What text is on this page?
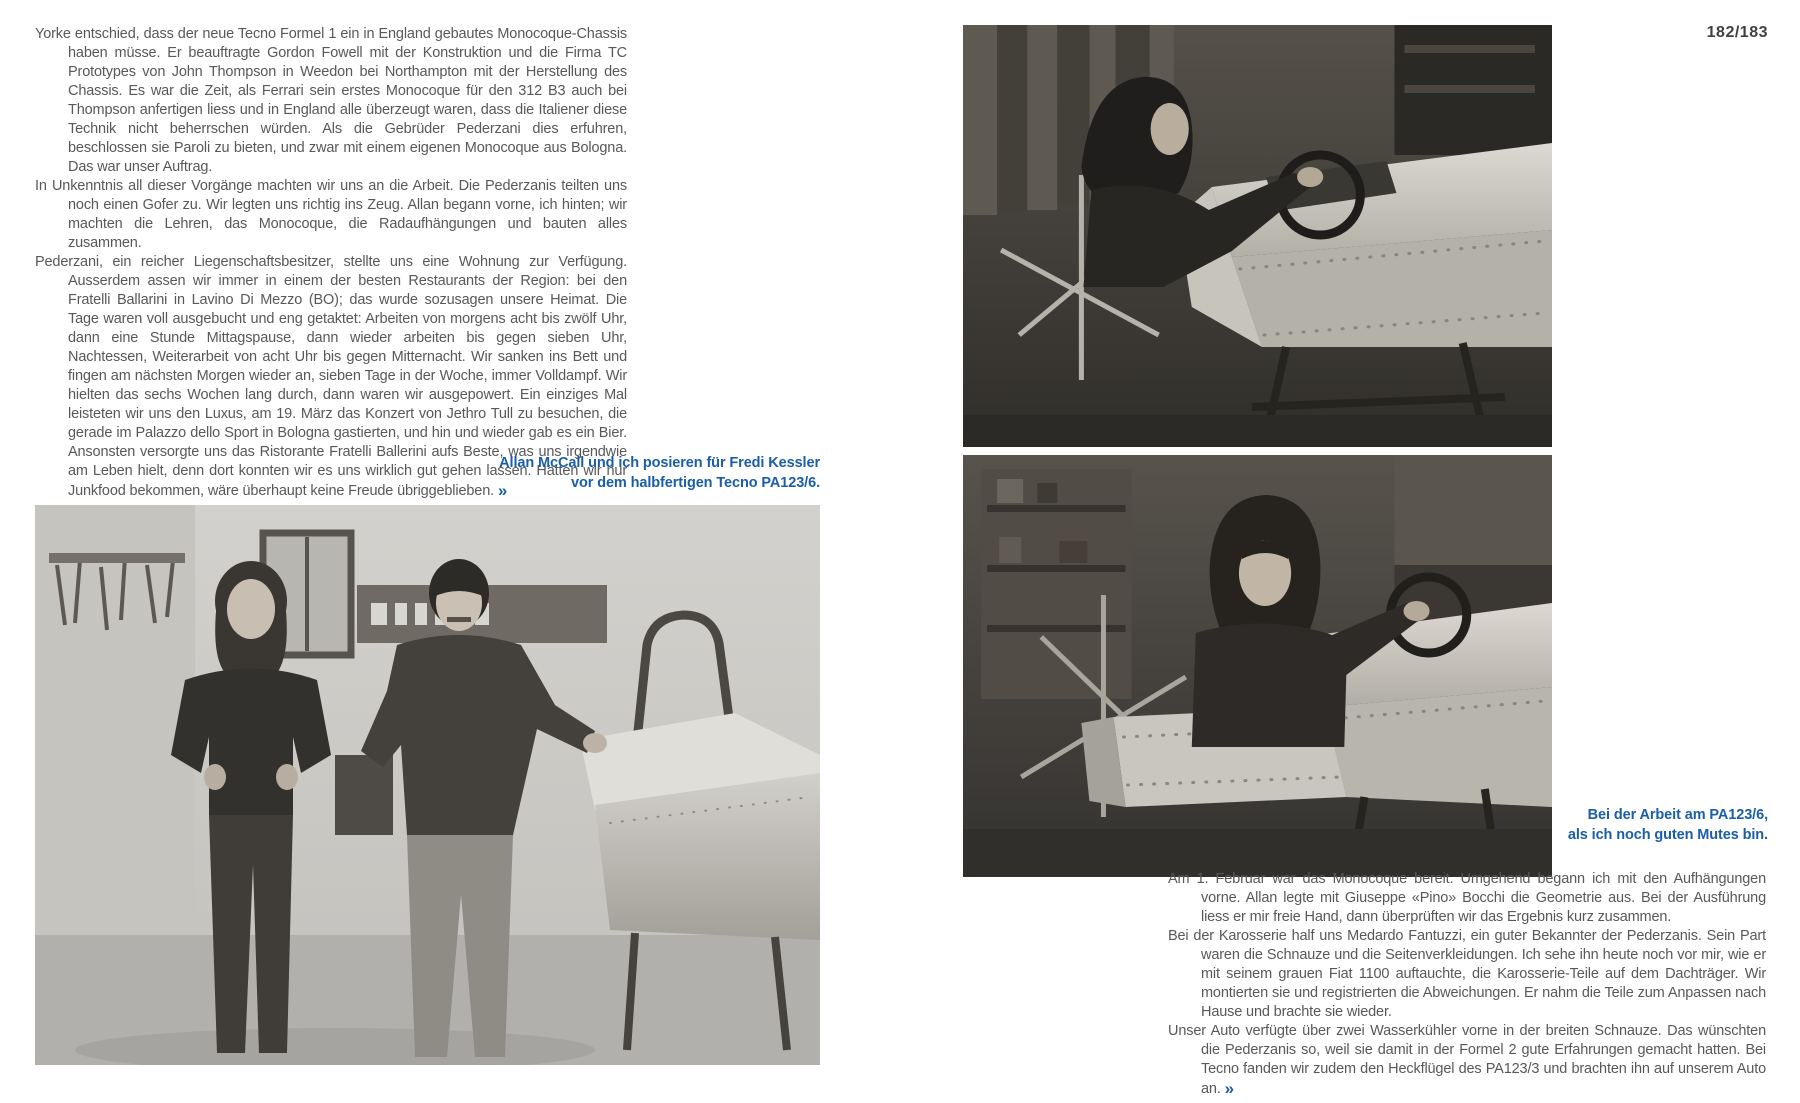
Yorke entschied, dass der neue Tecno Formel 1 ein in England gebautes Monocoque-Chassis haben müsse. Er beauftragte Gordon Fowell mit der Konstruktion und die Firma TC Prototypes von John Thompson in Weedon bei Northampton mit der Herstellung des Chassis. Es war die Zeit, als Ferrari sein erstes Monocoque für den 312 B3 auch bei Thompson anfertigen liess und in England alle überzeugt waren, dass die Italiener diese Technik nicht beherrschen würden. Als die Gebrüder Pederzani dies erfuhren, beschlossen sie Paroli zu bieten, und zwar mit einem eigenen Monocoque aus Bologna. Das war unser Auftrag.

In Unkenntnis all dieser Vorgänge machten wir uns an die Arbeit. Die Pederzanis teilten uns noch einen Gofer zu. Wir legten uns richtig ins Zeug. Allan begann vorne, ich hinten; wir machten die Lehren, das Monocoque, die Radaufhängungen und bauten alles zusammen.

Pederzani, ein reicher Liegenschaftsbesitzer, stellte uns eine Wohnung zur Verfügung. Ausserdem assen wir immer in einem der besten Restaurants der Region: bei den Fratelli Ballarini in Lavino Di Mezzo (BO); das wurde sozusagen unsere Heimat. Die Tage waren voll ausgebucht und eng getaktet: Arbeiten von morgens acht bis zwölf Uhr, dann eine Stunde Mittagspause, dann wieder arbeiten bis gegen sieben Uhr, Nachtessen, Weiterarbeit von acht Uhr bis gegen Mitternacht. Wir sanken ins Bett und fingen am nächsten Morgen wieder an, sieben Tage in der Woche, immer Volldampf. Wir hielten das sechs Wochen lang durch, dann waren wir ausgepowert. Ein einziges Mal leisteten wir uns den Luxus, am 19. März das Konzert von Jethro Tull zu besuchen, die gerade im Palazzo dello Sport in Bologna gastierten, und hin und wieder gab es ein Bier. Ansonsten versorgte uns das Ristorante Fratelli Ballerini aufs Beste, was uns irgendwie am Leben hielt, denn dort konnten wir es uns wirklich gut gehen lassen. Hätten wir nur Junkfood bekommen, wäre überhaupt keine Freude übriggeblieben. »

Allan McCall und ich posieren für Fredi Kessler
vor dem halbfertigen Tecno PA123/6.
182/183
Bei der Arbeit am PA123/6,
als ich noch guten Mutes bin.

Am 1. Februar war das Monocoque bereit. Umgehend begann ich mit den Aufhängungen vorne. Allan legte mit Giuseppe «Pino» Bocchi die Geometrie aus. Bei der Ausführung liess er mir freie Hand, dann überprüften wir das Ergebnis kurz zusammen.

Bei der Karosserie half uns Medardo Fantuzzi, ein guter Bekannter der Pederzanis. Sein Part waren die Schnauze und die Seitenverkleidungen. Ich sehe ihn heute noch vor mir, wie er mit seinem grauen Fiat 1100 auftauchte, die Karosserie-Teile auf dem Dachträger. Wir montierten sie und registrierten die Abweichungen. Er nahm die Teile zum Anpassen nach Hause und brachte sie wieder.

Unser Auto verfügte über zwei Wasserkühler vorne in der breiten Schnauze. Das wünschten die Pederzanis so, weil sie damit in der Formel 2 gute Erfahrungen gemacht hatten. Bei Tecno fanden wir zudem den Heckflügel des PA123/3 und brachten ihn auf unserem Auto an. »
